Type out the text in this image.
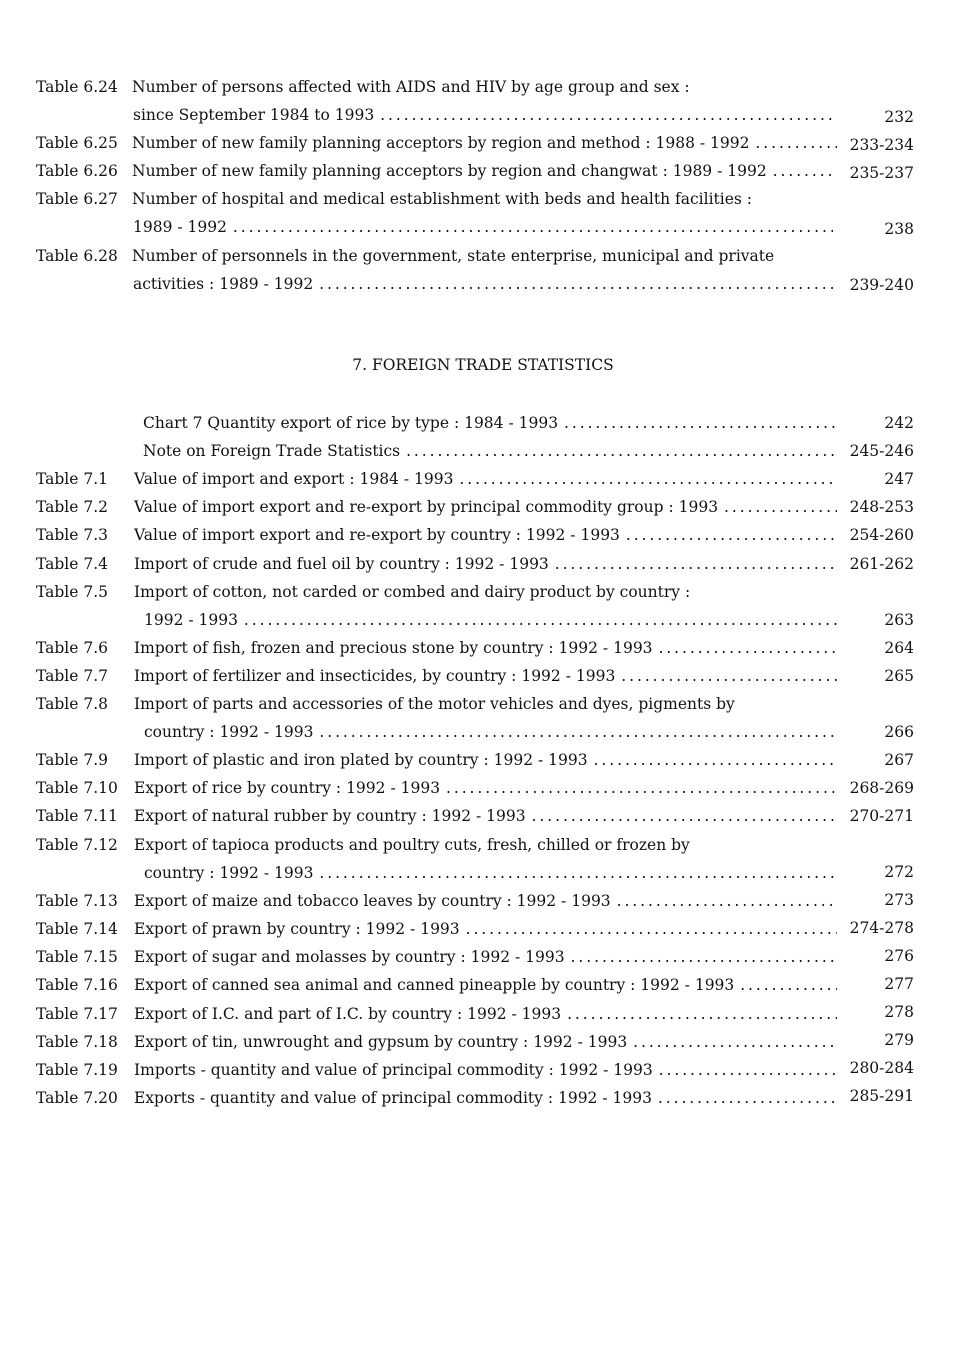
Table 6.24 Number of persons affected with AIDS and HIV by age group and sex :
since September 1984 to 1993 . . .	232
Table 6.25 Number of new family planning acceptors by region and method : 1988 - 1992 . . .	233-234
Table 6.26 Number of new family planning acceptors by region and changwat : 1989 - 1992 . . .	235-237
Table 6.27 Number of hospital and medical establishment with beds and health facilities :
1989 - 1992 . . .	238
Table 6.28 Number of personnels in the government, state enterprise, municipal and private
activities : 1989 - 1992 . . .	239-240
7. FOREIGN TRADE STATISTICS
Chart 7 Quantity export of rice by type : 1984 - 1993 . . .	242
Note on Foreign Trade Statistics . . .	245-246
Table 7.1 Value of import and export : 1984 - 1993 . . .	247
Table 7.2 Value of import export and re-export by principal commodity group : 1993 . . .	248-253
Table 7.3 Value of import export and re-export by country : 1992 - 1993 . . .	254-260
Table 7.4 Import of crude and fuel oil by country : 1992 - 1993 . . .	261-262
Table 7.5 Import of cotton, not carded or combed and dairy product by country :
1992 - 1993 . . .	263
Table 7.6 Import of fish, frozen and precious stone by country : 1992 - 1993 . . .	264
Table 7.7 Import of fertilizer and insecticides, by country : 1992 - 1993 . . .	265
Table 7.8 Import of parts and accessories of the motor vehicles and dyes, pigments by
country : 1992 - 1993 . . .	266
Table 7.9 Import of plastic and iron plated by country : 1992 - 1993 . . .	267
Table 7.10 Export of rice by country : 1992 - 1993 . . .	268-269
Table 7.11 Export of natural rubber by country : 1992 - 1993 . . .	270-271
Table 7.12 Export of tapioca products and poultry cuts, fresh, chilled or frozen by
country : 1992 - 1993 . . .	272
Table 7.13 Export of maize and tobacco leaves by country : 1992 - 1993 . . .	273
Table 7.14 Export of prawn by country : 1992 - 1993 . . .	274-278
Table 7.15 Export of sugar and molasses by country : 1992 - 1993 . . .	276
Table 7.16 Export of canned sea animal and canned pineapple by country : 1992 - 1993 . . .	277
Table 7.17 Export of I.C. and part of I.C. by country : 1992 - 1993 . . .	278
Table 7.18 Export of tin, unwrought and gypsum by country : 1992 - 1993 . . .	279
Table 7.19 Imports - quantity and value of principal commodity : 1992 - 1993 . . .	280-284
Table 7.20 Exports - quantity and value of principal commodity : 1992 - 1993 . . .	285-291
